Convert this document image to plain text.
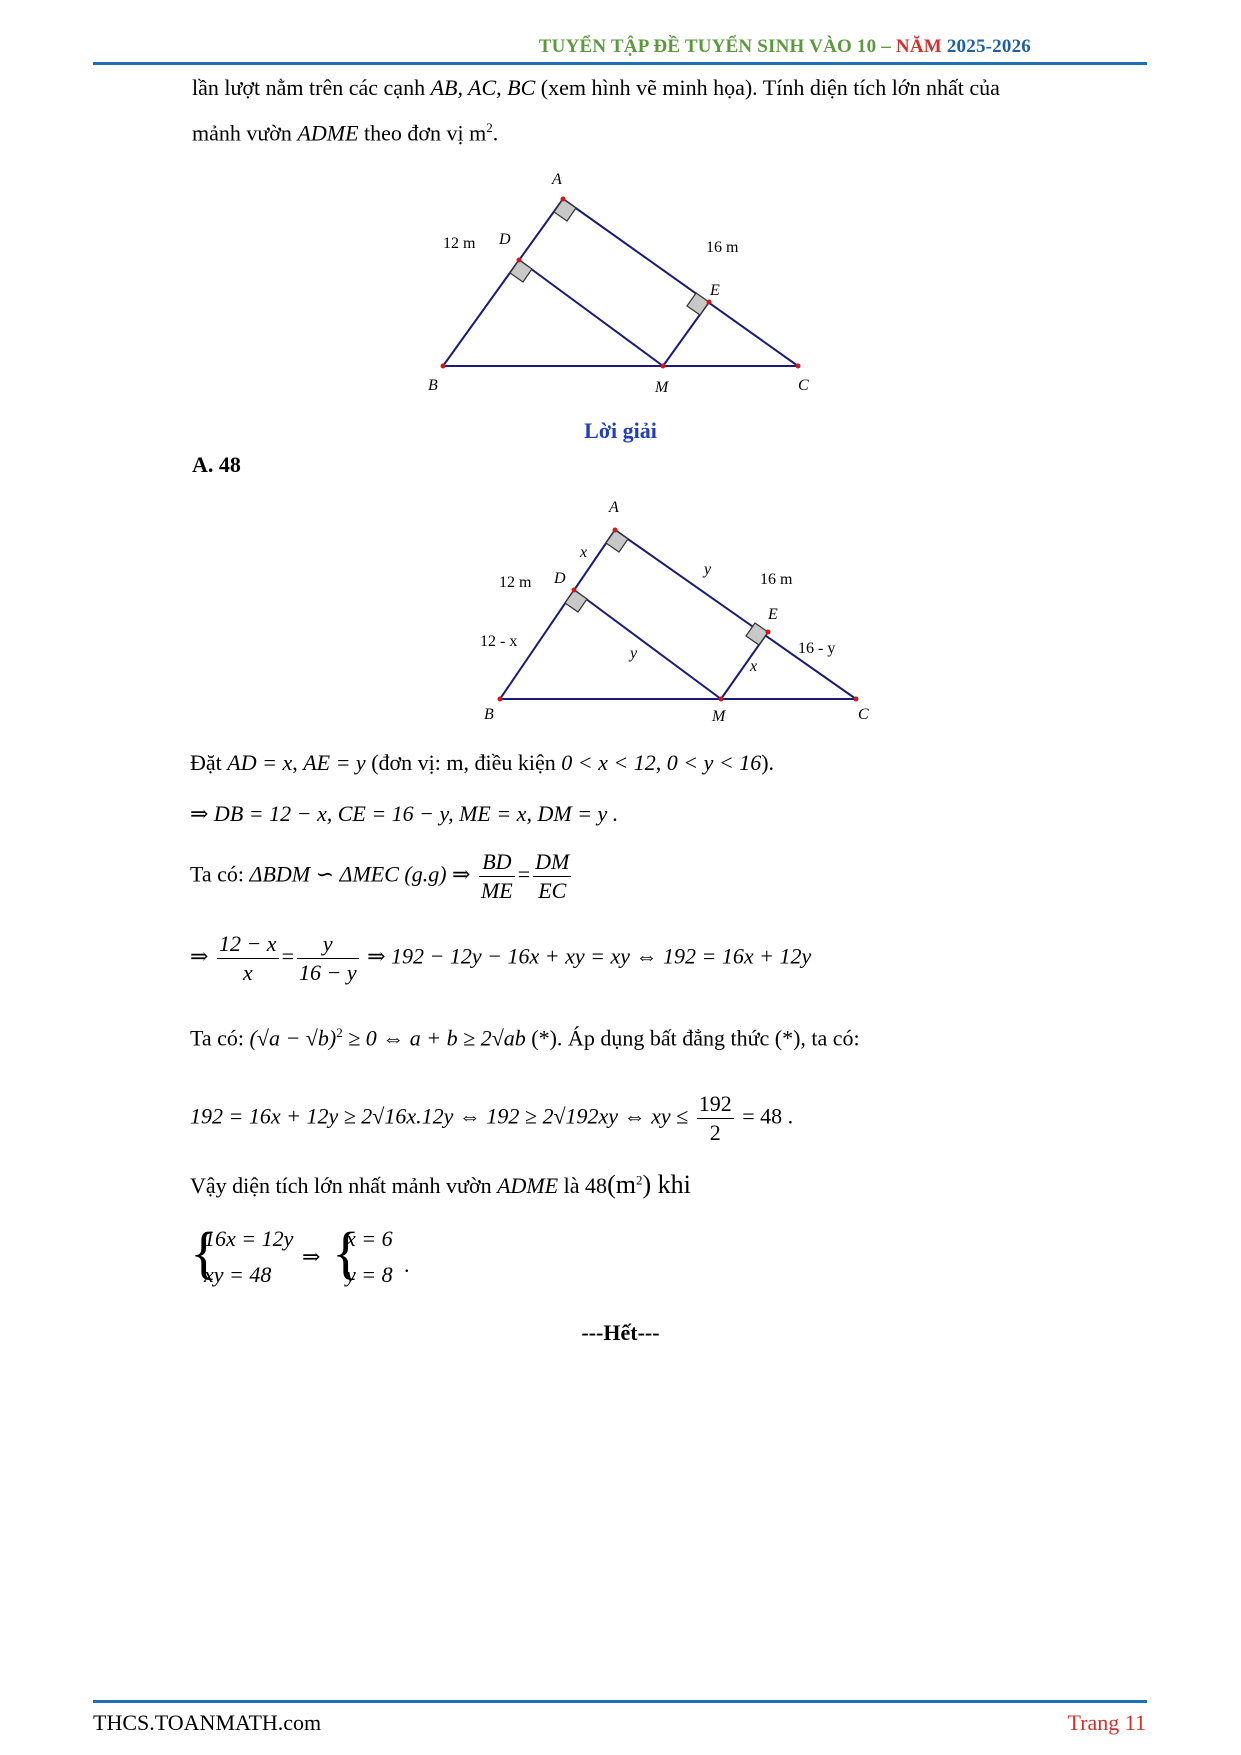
TUYỂN TẬP ĐỀ TUYỂN SINH VÀO 10 – NĂM 2025-2026
lần lượt nằm trên các cạnh AB, AC, BC (xem hình vẽ minh họa). Tính diện tích lớn nhất của
mảnh vườn ADME theo đơn vị $m^2$.
A
B	C
D
E
M
12 m	16 m
Lời giải
A. 48
A
B	C
D
E
M
x
y
y
x
12 m	16 m
12 - x	16 - y
Đặt AD = x, AE = y (đơn vị: m, điều kiện 0 < x < 12, 0 < y < 16).
⇒ DB = 12 − x, CE = 16 − y, ME = x, DM = y .
Ta có: ΔBDM ∽ ΔMEC (g.g) ⇒ $\frac{BD}{ME} = \frac{DM}{EC}$
⇒ $\frac{12 - x}{x} = \frac{y}{16 - y}$ ⇒ 192 − 12y − 16x + xy = xy ⇔ 192 = 16x + 12y
Ta có: $(√a - √b)^2 \ge 0$ ⇔ a + b ≥ 2√ab (*). Áp dụng bất đẳng thức (*), ta có:
192 = 16x + 12y ≥ 2√16x.12y ⇔ 192 ≥ 2√192xy ⇔ xy ≤ $\frac{192}{2} = 48$ .
Vậy diện tích lớn nhất mảnh vườn ADME là $48(m^2)$ khi
{
16x = 12y
xy = 48
⇒ {
x = 6
y = 8 .
---Hết---
THCS.TOANMATH.com	Trang 11
